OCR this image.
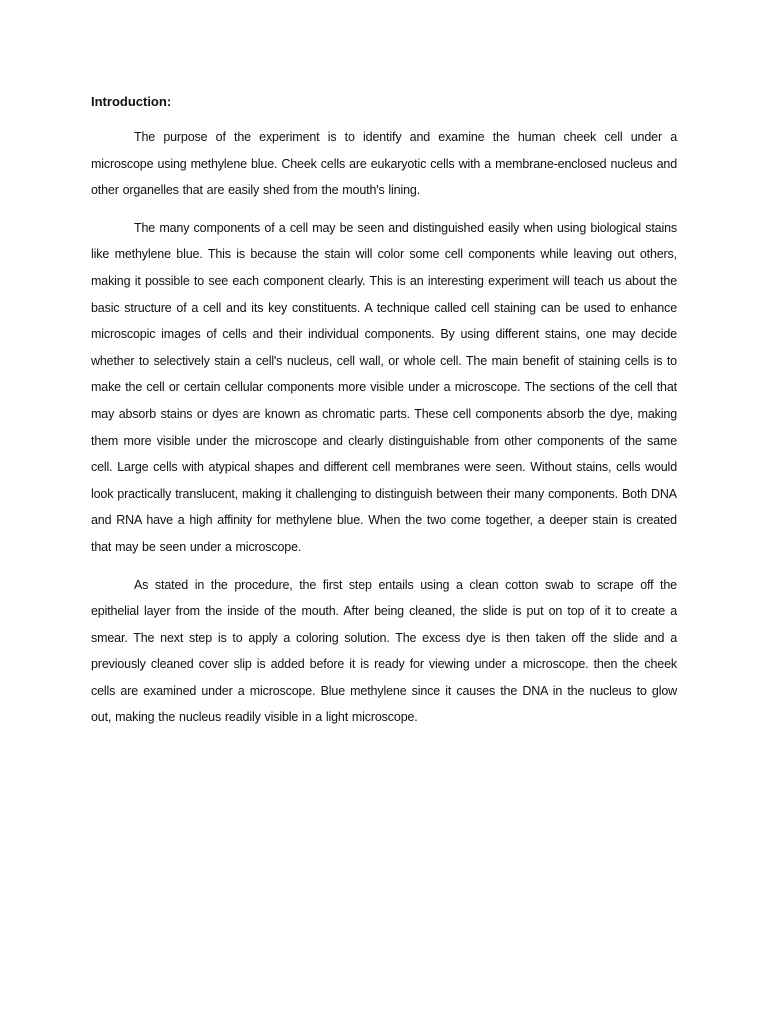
Introduction:

The purpose of the experiment is to identify and examine the human cheek cell under a microscope using methylene blue. Cheek cells are eukaryotic cells with a membrane-enclosed nucleus and other organelles that are easily shed from the mouth's lining.

The many components of a cell may be seen and distinguished easily when using biological stains like methylene blue. This is because the stain will color some cell components while leaving out others, making it possible to see each component clearly. This is an interesting experiment will teach us about the basic structure of a cell and its key constituents. A technique called cell staining can be used to enhance microscopic images of cells and their individual components. By using different stains, one may decide whether to selectively stain a cell's nucleus, cell wall, or whole cell. The main benefit of staining cells is to make the cell or certain cellular components more visible under a microscope. The sections of the cell that may absorb stains or dyes are known as chromatic parts. These cell components absorb the dye, making them more visible under the microscope and clearly distinguishable from other components of the same cell. Large cells with atypical shapes and different cell membranes were seen. Without stains, cells would look practically translucent, making it challenging to distinguish between their many components. Both DNA and RNA have a high affinity for methylene blue. When the two come together, a deeper stain is created that may be seen under a microscope.

As stated in the procedure, the first step entails using a clean cotton swab to scrape off the epithelial layer from the inside of the mouth. After being cleaned, the slide is put on top of it to create a smear. The next step is to apply a coloring solution. The excess dye is then taken off the slide and a previously cleaned cover slip is added before it is ready for viewing under a microscope. then the cheek cells are examined under a microscope. Blue methylene since it causes the DNA in the nucleus to glow out, making the nucleus readily visible in a light microscope.
